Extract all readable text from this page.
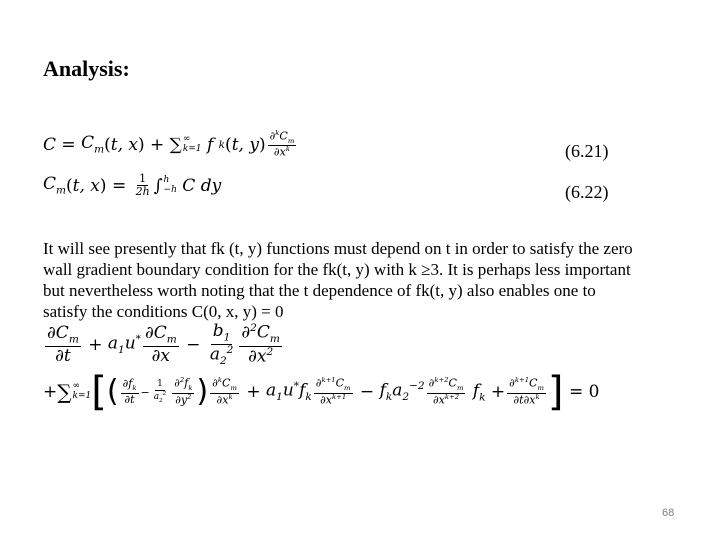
Analysis:
C
=
$C_m$ ( t, x )
+
∑ ∞
k=1
f
k ( t, y ) $\frac{\partial^kC_m}{\partial x^k}$	(6.21)
$C_m$ ( t, x )
=
$\frac{1}{2h}$ ∫ h
−h
C dy	(6.22)
It will see presently that fk (t, y) functions must depend on t in order to satisfy the zero
wall gradient boundary condition for the fk(t, y) with k ≥3. It is perhaps less important
but nevertheless worth noting that the t dependence of fk(t, y) also enables one to
satisfy the conditions C(0, x, y) = 0
$\frac{\partial C_m}{\partial t}$
+
$a_1u^* \frac{\partial C_m}{\partial x}$
−
$\frac{b_1}{a_2^2} \frac{\partial^2C_m}{\partial x^2}$
+ ∑ ∞
k=1 [ ( $\frac{\partial f_k}{\partial t} - \frac{1}{a_2^2} \frac{\partial^2f_k}{\partial y^2}$ ) $\frac{\partial^kC_m}{\partial x^k}$
+
$a_1u^*f_k \frac{\partial^{k+1}C_m}{\partial x^{k+1}}$
−
$f_ka_2^{-2} \frac{\partial^{k+2}C_m}{\partial x^{k+2}}$
$f_k$
+ $\frac{\partial^{k+1}C_m}{\partial t\partial x^k}$ ]
= 0
68
